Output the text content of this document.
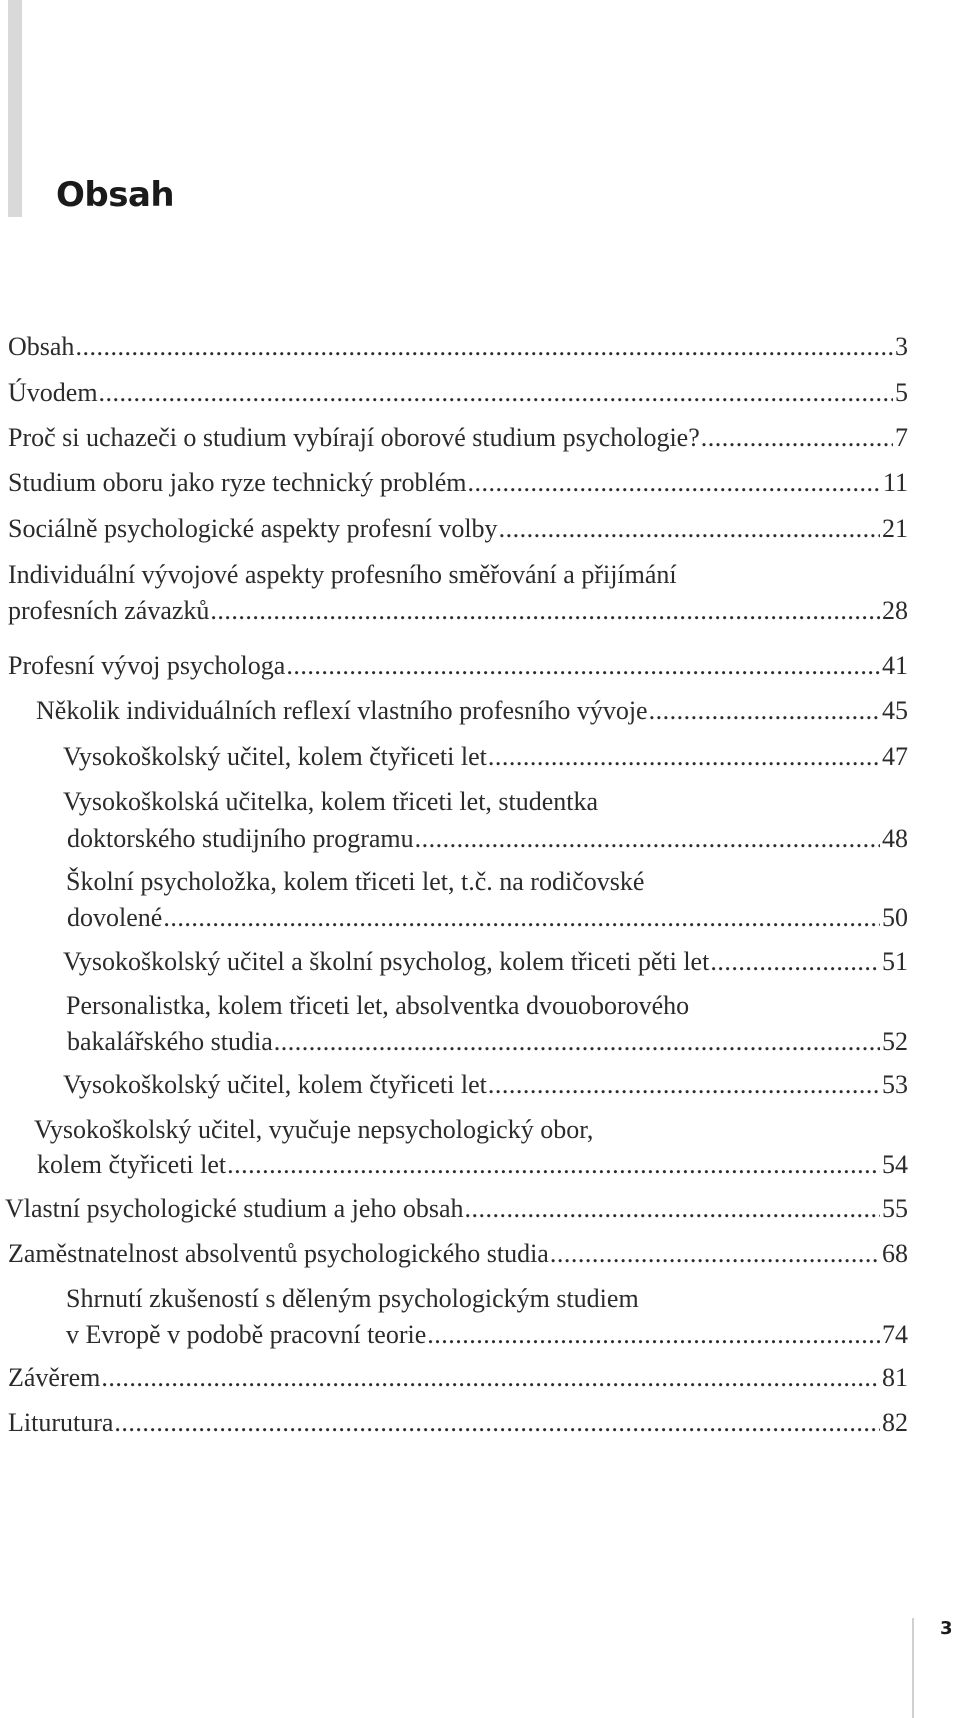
Obsah
Obsah .....	3
Úvodem .....	5
Proč si uchazeči o studium vybírají oborové studium psychologie? .....	7
Studium oboru jako ryze technický problém .....	11
Sociálně psychologické aspekty profesní volby .....	21
Individuální vývojové aspekty profesního směřování a přijímání
profesních závazků .....	28
Profesní vývoj psychologa .....	41
Několik individuálních reflexí vlastního profesního vývoje .....	45
Vysokoškolský učitel, kolem čtyřiceti let .....	47
Vysokoškolská učitelka, kolem třiceti let, studentka
doktorského studijního programu .....	48
Školní psycholožka, kolem třiceti let, t.č. na rodičovské
dovolené .....	50
Vysokoškolský učitel a školní psycholog, kolem třiceti pěti let .....	51
Personalistka, kolem třiceti let, absolventka dvouoborového
bakalářského studia .....	52
Vysokoškolský učitel, kolem čtyřiceti let .....	53
Vysokoškolský učitel, vyučuje nepsychologický obor,
kolem čtyřiceti let .....	54
Vlastní psychologické studium a jeho obsah .....	55
Zaměstnatelnost absolventů psychologického studia .....	68
Shrnutí zkušeností s děleným psychologickým studiem
v Evropě v podobě pracovní teorie .....	74
Závěrem .....	81
Liturutura .....	82
3
